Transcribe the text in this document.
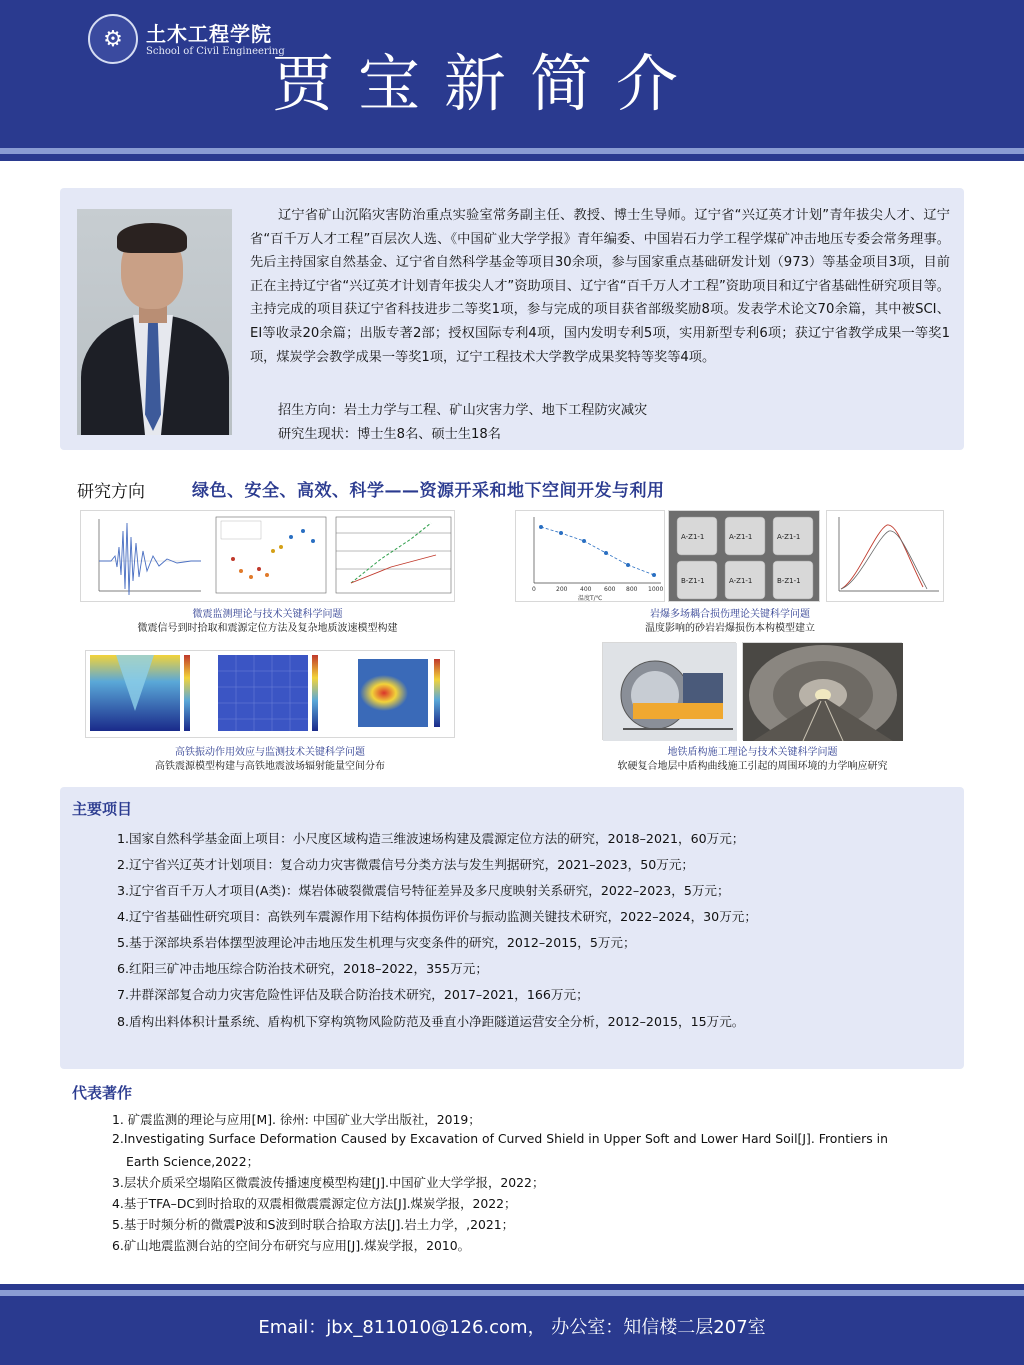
⚙	土木工程学院
School of Civil Engineering
贾宝新简介
辽宁省矿山沉陷灾害防治重点实验室常务副主任、教授、博士生导师。辽宁省“兴辽英才计划”青年拔尖人才、辽宁省“百千万人才工程”百层次人选、《中国矿业大学学报》青年编委、中国岩石力学工程学煤矿冲击地压专委会常务理事。先后主持国家自然基金、辽宁省自然科学基金等项目30余项，参与国家重点基础研发计划（973）等基金项目3项，目前正在主持辽宁省“兴辽英才计划青年拔尖人才”资助项目、辽宁省“百千万人才工程”资助项目和辽宁省基础性研究项目等。主持完成的项目获辽宁省科技进步二等奖1项，参与完成的项目获省部级奖励8项。发表学术论文70余篇，其中被SCI、EI等收录20余篇；出版专著2部；授权国际专利4项，国内发明专利5项，实用新型专利6项；获辽宁省教学成果一等奖1项，煤炭学会教学成果一等奖1项，辽宁工程技术大学教学成果奖特等奖等4项。
招生方向：岩土力学与工程、矿山灾害力学、地下工程防灾减灾
研究生现状：博士生8名、硕士生18名
研究方向	绿色、安全、高效、科学——资源开采和地下空间开发与利用
微震监测理论与技术关键科学问题
微震信号到时拾取和震源定位方法及复杂地质波速模型构建
0	200 400 600 800 1000
温度T/℃
A-Z1-1	A-Z1-1	A-Z1-1
B-Z1-1	A-Z1-1	B-Z1-1
岩爆多场耦合损伤理论关键科学问题
温度影响的砂岩岩爆损伤本构模型建立
高铁振动作用效应与监测技术关键科学问题
高铁震源模型构建与高铁地震波场辐射能量空间分布
地铁盾构施工理论与技术关键科学问题
软硬复合地层中盾构曲线施工引起的周围环境的力学响应研究
主要项目
1.国家自然科学基金面上项目：小尺度区域构造三维波速场构建及震源定位方法的研究，2018–2021，60万元；
2.辽宁省兴辽英才计划项目：复合动力灾害微震信号分类方法与发生判据研究，2021–2023，50万元；
3.辽宁省百千万人才项目(A类)：煤岩体破裂微震信号特征差异及多尺度映射关系研究，2022–2023，5万元；
4.辽宁省基础性研究项目：高铁列车震源作用下结构体损伤评价与振动监测关键技术研究，2022–2024，30万元；
5.基于深部块系岩体摆型波理论冲击地压发生机理与灾变条件的研究，2012–2015，5万元；
6.红阳三矿冲击地压综合防治技术研究，2018–2022，355万元；
7.井群深部复合动力灾害危险性评估及联合防治技术研究，2017–2021，166万元；
8.盾构出料体积计量系统、盾构机下穿构筑物风险防范及垂直小净距隧道运营安全分析，2012–2015，15万元。
代表著作
1. 矿震监测的理论与应用[M]. 徐州: 中国矿业大学出版社，2019；
2.Investigating Surface Deformation Caused by Excavation of Curved Shield in Upper Soft and Lower Hard Soil[J]. Frontiers in
Earth Science,2022；
3.层状介质采空塌陷区微震波传播速度模型构建[J].中国矿业大学学报，2022；
4.基于TFA–DC到时拾取的双震相微震震源定位方法[J].煤炭学报，2022；
5.基于时频分析的微震P波和S波到时联合拾取方法[J].岩土力学，,2021；
6.矿山地震监测台站的空间分布研究与应用[J].煤炭学报，2010。
Email：jbx_811010@126.com， 办公室：知信楼二层207室
